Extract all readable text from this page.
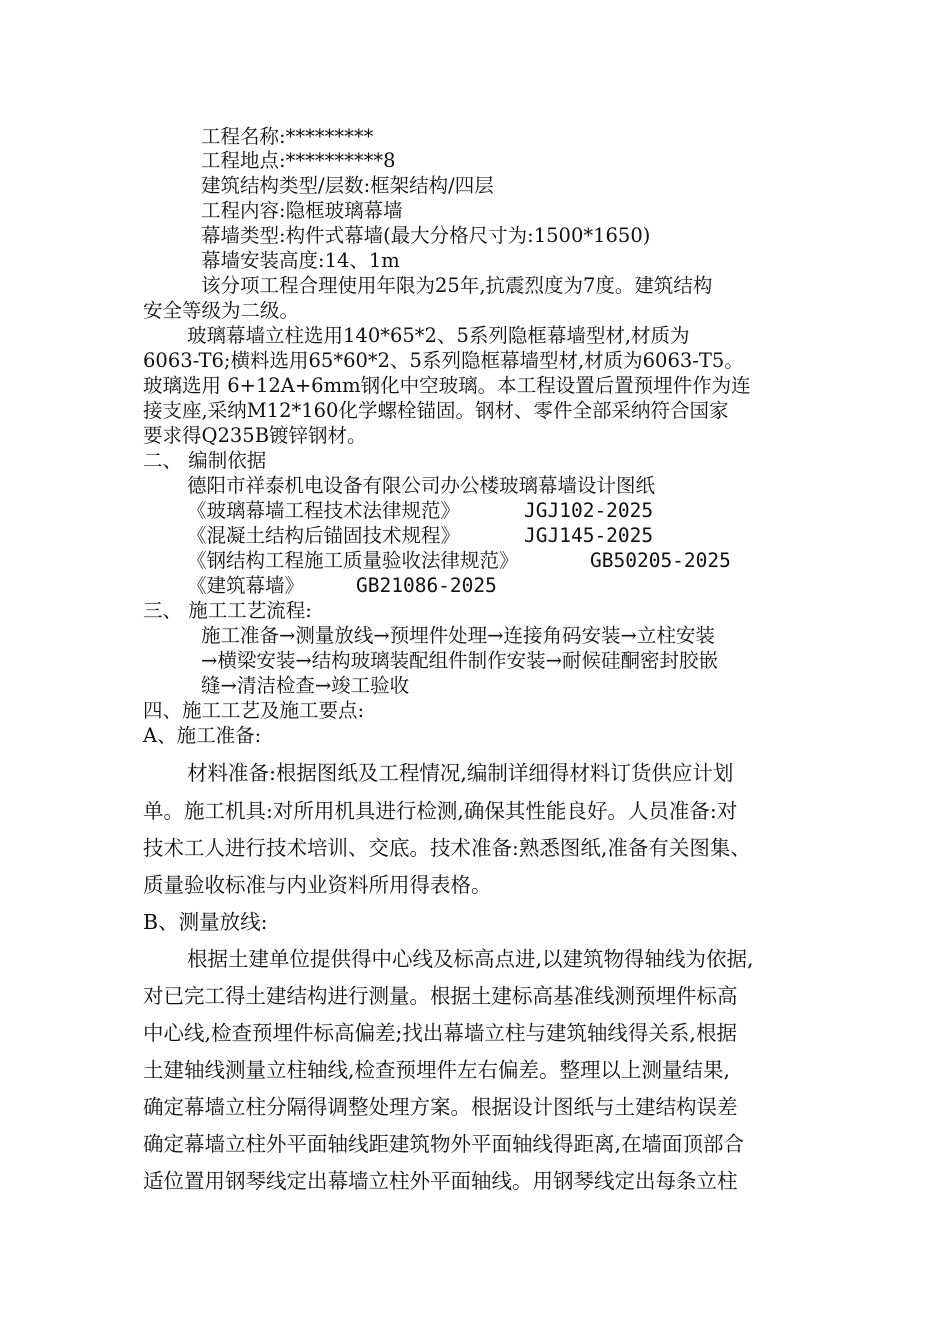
工程名称:*********
工程地点:**********8
建筑结构类型/层数:框架结构/四层
工程内容:隐框玻璃幕墙
幕墙类型:构件式幕墙(最大分格尺寸为:1500*1650)
幕墙安装高度:14、1m
该分项工程合理使用年限为25年,抗震烈度为7度。建筑结构
安全等级为二级。
玻璃幕墙立柱选用140*65*2、5系列隐框幕墙型材,材质为
6063-T6;横料选用65*60*2、5系列隐框幕墙型材,材质为6063-T5。
玻璃选用 6+12A+6mm钢化中空玻璃。本工程设置后置预埋件作为连
接支座,采纳M12*160化学螺栓锚固。钢材、零件全部采纳符合国家
要求得Q235B镀锌钢材。
二、 编制依据
德阳市祥泰机电设备有限公司办公楼玻璃幕墙设计图纸
《玻璃幕墙工程技术法律规范》	JGJ102-2025
《混凝土结构后锚固技术规程》	JGJ145-2025
《钢结构工程施工质量验收法律规范》	GB50205-2025
《建筑幕墙》	GB21086-2025
三、 施工工艺流程:
施工准备→测量放线→预埋件处理→连接角码安装→立柱安装
→横梁安装→结构玻璃装配组件制作安装→耐候硅酮密封胶嵌
缝→清洁检查→竣工验收
四、施工工艺及施工要点:
A、施工准备:
材料准备:根据图纸及工程情况,编制详细得材料订货供应计划
单。施工机具:对所用机具进行检测,确保其性能良好。人员准备:对
技术工人进行技术培训、交底。技术准备:熟悉图纸,准备有关图集、
质量验收标准与内业资料所用得表格。
B、测量放线:
根据土建单位提供得中心线及标高点进,以建筑物得轴线为依据,
对已完工得土建结构进行测量。根据土建标高基准线测预埋件标高
中心线,检查预埋件标高偏差;找出幕墙立柱与建筑轴线得关系,根据
土建轴线测量立柱轴线,检查预埋件左右偏差。整理以上测量结果,
确定幕墙立柱分隔得调整处理方案。根据设计图纸与土建结构误差
确定幕墙立柱外平面轴线距建筑物外平面轴线得距离,在墙面顶部合
适位置用钢琴线定出幕墙立柱外平面轴线。用钢琴线定出每条立柱
